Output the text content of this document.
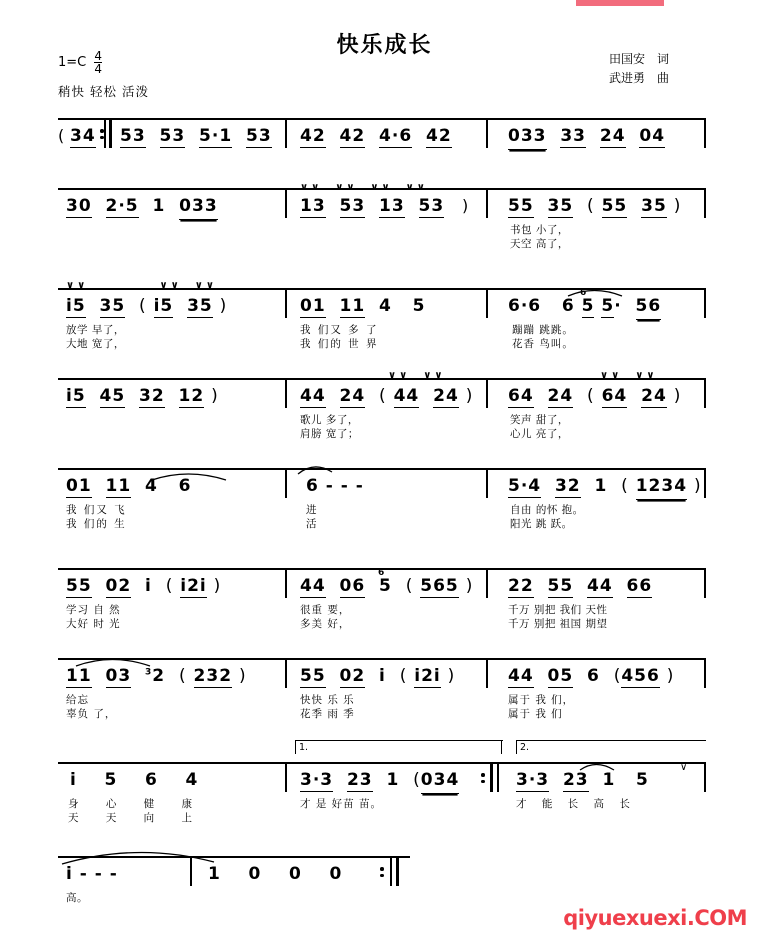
快乐成长
$1=C \frac{4}{4}$
稍快 轻松 活泼
田国安 词
武进勇 曲
( 34 53 53 5·1 53 42 42 4·6 42	033 33 24 04
30 2·5  1  033	13 53 13 53
∨∨  ∨∨  ∨∨  ∨∨
) 55 35 ( 55 35 )
书包 小了，
天空 高了，
i5 35 ( i5 35 )
∨∨           ∨∨  ∨∨
放学 早了，
大地 宽了，
01 11  4   5
我 们又 多 了
我 们的 世 界
6·6   6 5 5·  56
6
蹦蹦 跳跳。
花香 鸟叫。
i5 45 32 12 )	44 24 ( 44 24 )
∨∨  ∨∨
歌儿 多了，
肩膀 宽了；
64 24 ( 64 24 )
∨∨  ∨∨
笑声 甜了，
心儿 亮了，
01 11  4   6
我 们又 飞
我 们的 生
6 - - -
进
活
5·4 32  1  ( 1234 )
自由 的怀 抱。
阳光 跳 跃。
55 02  i  ( i2i )
学习 自 然
大好 时 光
44 06  5  ( 565 )
6
很重 要，
多美 好，
22 55 44 66
千万 别把 我们 天性
千万 别把 祖国 期望
11 03 $^3$2  ( 232 )
给忘
辜负 了，
55 02  i  ( i2i )
快快 乐 乐
花季 雨 季
44 05  6  (456 )
属于 我 们，
属于 我 们
1.	2.
i    5    6    4
身 心 健 康
天 天 向 上
3·3 23  1  (034
才 是 好苗 苗。
3·3 23  1   5
∨
才 能 长 高 长
i - - -
高。
1    0    0    0
qiyuexuexi.COM
